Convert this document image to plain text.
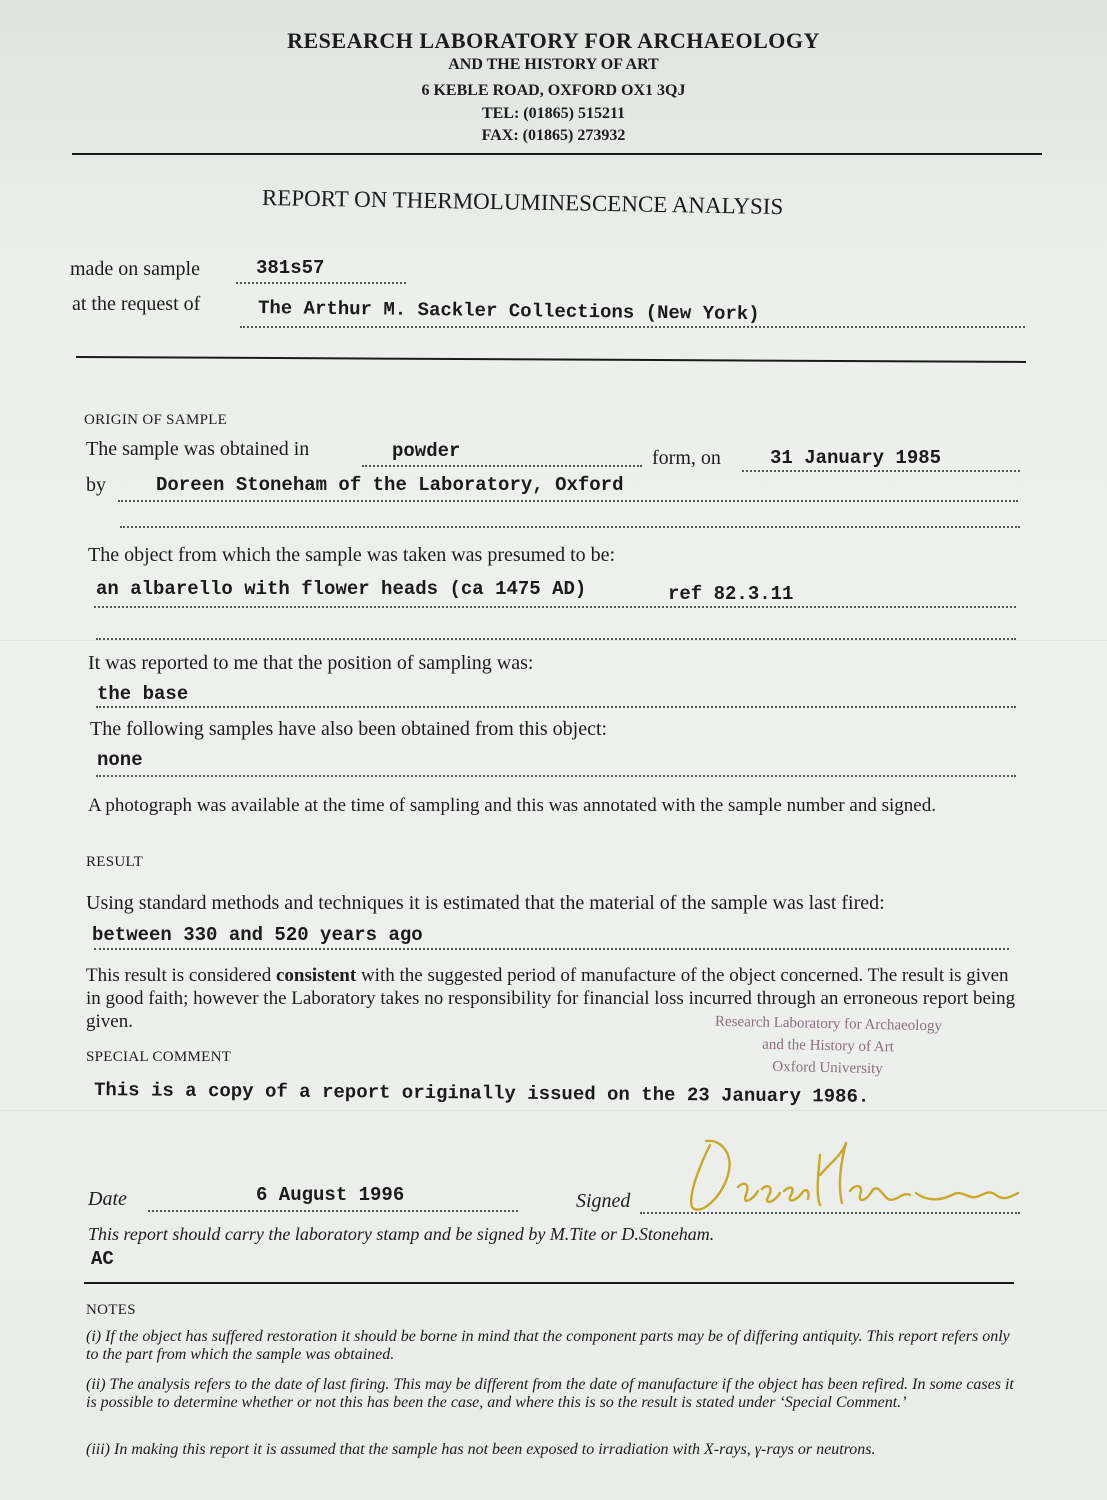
RESEARCH LABORATORY FOR ARCHAEOLOGY
AND THE HISTORY OF ART
6 KEBLE ROAD, OXFORD OX1 3QJ
TEL: (01865) 515211
FAX: (01865) 273932
REPORT ON THERMOLUMINESCENCE ANALYSIS
made on sample	381s57
at the request of	The Arthur M. Sackler Collections (New York)
ORIGIN OF SAMPLE
The sample was obtained in	powder	form, on	31 January 1985
by	Doreen Stoneham of the Laboratory, Oxford
The object from which the sample was taken was presumed to be:
an albarello with flower heads (ca 1475 AD)	ref 82.3.11
It was reported to me that the position of sampling was:
the base
The following samples have also been obtained from this object:
none
A photograph was available at the time of sampling and this was annotated with the sample number and signed.
RESULT
Using standard methods and techniques it is estimated that the material of the sample was last fired:
between 330 and 520 years ago
This result is considered consistent with the suggested period of manufacture of the object concerned. The result is given in good faith; however the Laboratory takes no responsibility for financial loss incurred through an erroneous report being given.	Research Laboratory for Archaeology
and the History of Art
Oxford University
SPECIAL COMMENT
This is a copy of a report originally issued on the 23 January 1986.
Date	6 August 1996	Signed
This report should carry the laboratory stamp and be signed by M.Tite or D.Stoneham.
AC
NOTES
(i) If the object has suffered restoration it should be borne in mind that the component parts may be of differing antiquity. This report refers only to the part from which the sample was obtained.
(ii) The analysis refers to the date of last firing. This may be different from the date of manufacture if the object has been refired. In some cases it is possible to determine whether or not this has been the case, and where this is so the result is stated under ‘Special Comment.’
(iii) In making this report it is assumed that the sample has not been exposed to irradiation with X-rays, γ-rays or neutrons.
